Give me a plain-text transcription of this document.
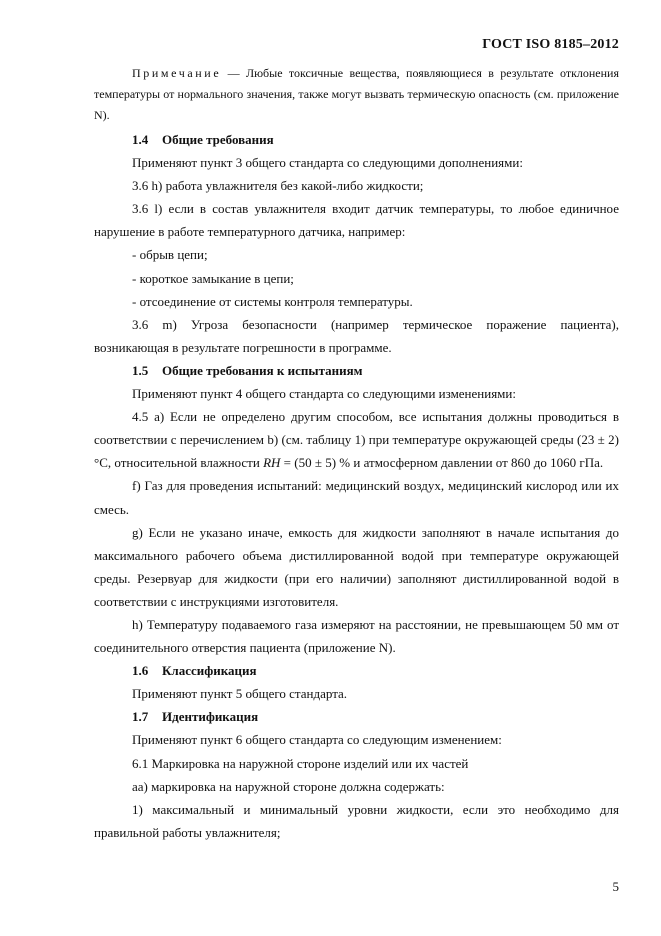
ГОСТ ISO 8185–2012

Примечание — Любые токсичные вещества, появляющиеся в результате отклонения температуры от нормального значения, также могут вызвать термическую опасность (см. приложение N).

1.4 Общие требования

Применяют пункт 3 общего стандарта со следующими дополнениями:

3.6 h) работа увлажнителя без какой-либо жидкости;

3.6 l) если в состав увлажнителя входит датчик температуры, то любое единичное нарушение в работе температурного датчика, например:

- обрыв цепи;

- короткое замыкание в цепи;

- отсоединение от системы контроля температуры.

3.6 m) Угроза безопасности (например термическое поражение пациента), возникающая в результате погрешности в программе.

1.5 Общие требования к испытаниям

Применяют пункт 4 общего стандарта со следующими изменениями:

4.5 a) Если не определено другим способом, все испытания должны проводиться в соответствии с перечислением b) (см. таблицу 1) при температуре окружающей среды (23 ± 2)°С, относительной влажности RH = (50 ± 5) % и атмосферном давлении от 860 до 1060 гПа.

f) Газ для проведения испытаний: медицинский воздух, медицинский кислород или их смесь.

g) Если не указано иначе, емкость для жидкости заполняют в начале испытания до максимального рабочего объема дистиллированной водой при температуре окружающей среды. Резервуар для жидкости (при его наличии) заполняют дистиллированной водой в соответствии с инструкциями изготовителя.

h) Температуру подаваемого газа измеряют на расстоянии, не превышающем 50 мм от соединительного отверстия пациента (приложение N).

1.6 Классификация

Применяют пункт 5 общего стандарта.

1.7 Идентификация

Применяют пункт 6 общего стандарта со следующим изменением:

6.1 Маркировка на наружной стороне изделий или их частей

аа) маркировка на наружной стороне должна содержать:

1) максимальный и минимальный уровни жидкости, если это необходимо для правильной работы увлажнителя;

5
